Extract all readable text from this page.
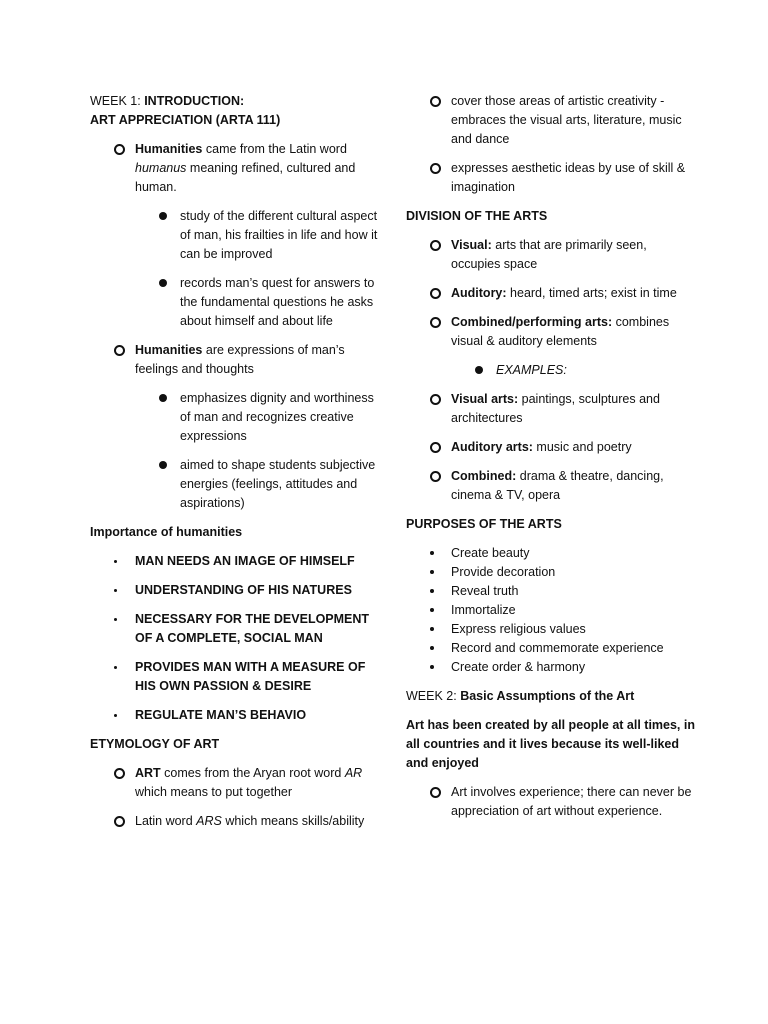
WEEK 1: INTRODUCTION:

ART APPRECIATION (ARTA 111)

Humanities came from the Latin word humanus meaning refined, cultured and human.
study of the different cultural aspect of man, his frailties in life and how it can be improved
records man’s quest for answers to the fundamental questions he asks about himself and about life
Humanities are expressions of man’s feelings and thoughts
emphasizes dignity and worthiness of man and recognizes creative expressions
aimed to shape students subjective energies (feelings, attitudes and aspirations)

Importance of humanities

MAN NEEDS AN IMAGE OF HIMSELF
UNDERSTANDING OF HIS NATURES
NECESSARY FOR THE DEVELOPMENT OF A COMPLETE, SOCIAL MAN
PROVIDES MAN WITH A MEASURE OF HIS OWN PASSION & DESIRE
REGULATE MAN’S BEHAVIO

ETYMOLOGY OF ART

ART comes from the Aryan root word AR which means to put together
Latin word ARS which means skills/ability
cover those areas of artistic creativity - embraces the visual arts, literature, music and dance
expresses aesthetic ideas by use of skill & imagination

DIVISION OF THE ARTS

Visual: arts that are primarily seen, occupies space
Auditory: heard, timed arts; exist in time
Combined/performing arts: combines visual & auditory elements
EXAMPLES:
Visual arts: paintings, sculptures and architectures
Auditory arts: music and poetry
Combined: drama & theatre, dancing, cinema & TV, opera

PURPOSES OF THE ARTS

Create beauty
Provide decoration
Reveal truth
Immortalize
Express religious values
Record and commemorate experience
Create order & harmony

WEEK 2: Basic Assumptions of the Art

Art has been created by all people at all times, in all countries and it lives because its well-liked and enjoyed

Art involves experience; there can never be appreciation of art without experience.
